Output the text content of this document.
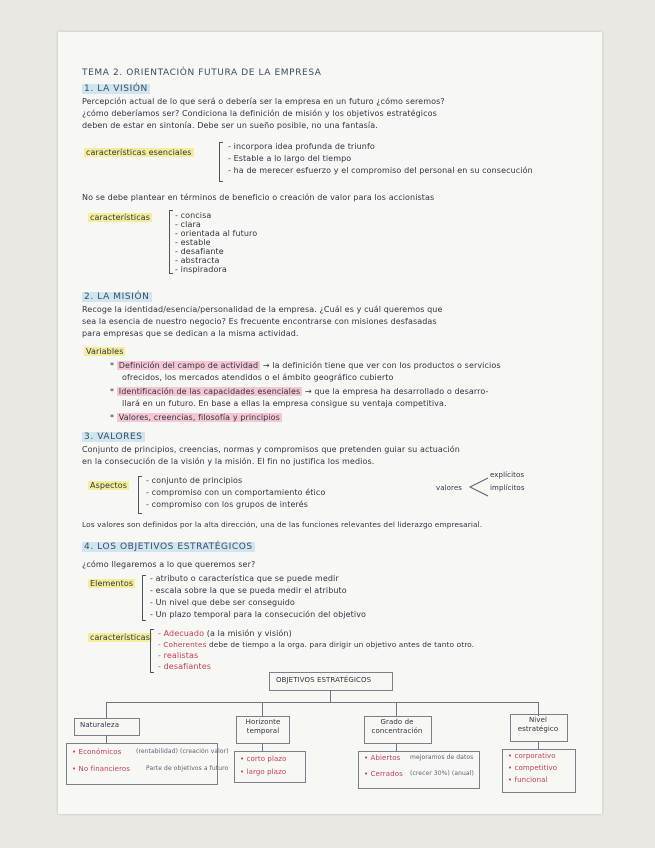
TEMA 2. ORIENTACIÓN FUTURA DE LA EMPRESA
1. LA VISIÓN
Percepción actual de lo que será o debería ser la empresa en un futuro ¿cómo seremos?
¿cómo deberíamos ser? Condiciona la definición de misión y los objetivos estratégicos
deben de estar en sintonía. Debe ser un sueño posible, no una fantasía.
características esenciales
- incorpora idea profunda de triunfo
- Estable a lo largo del tiempo
- ha de merecer esfuerzo y el compromiso del personal en su consecución
No se debe plantear en términos de beneficio o creación de valor para los accionistas
características	- concisa
- clara
- orientada al futuro
- estable
- desafiante
- abstracta
- inspiradora
2. LA MISIÓN
Recoge la identidad/esencia/personalidad de la empresa. ¿Cuál es y cuál queremos que
sea la esencia de nuestro negocio? Es frecuente encontrarse con misiones desfasadas
para empresas que se dedican a la misma actividad.
Variables
* Definición del campo de actividad → la definición tiene que ver con los productos o servicios
ofrecidos, los mercados atendidos o el ámbito geográfico cubierto
* Identificación de las capacidades esenciales → que la empresa ha desarrollado o desarro-
llará en un futuro. En base a ellas la empresa consigue su ventaja competitiva.
* Valores, creencias, filosofía y principios
3. VALORES
Conjunto de principios, creencias, normas y compromisos que pretenden guiar su actuación
en la consecución de la visión y la misión. El fin no justifica los medios.
Aspectos
- conjunto de principios
- compromiso con un comportamiento ético
- compromiso con los grupos de interés
valores
explícitos
implícitos
Los valores son definidos por la alta dirección, una de las funciones relevantes del liderazgo empresarial.
4. LOS OBJETIVOS ESTRATÉGICOS
¿cómo llegaremos a lo que queremos ser?
Elementos
- atributo o característica que se puede medir
- escala sobre la que se pueda medir el atributo
- Un nivel que debe ser conseguido
- Un plazo temporal para la consecución del objetivo
características - Adecuado (a la misión y visión)
- Coherentes debe de tiempo a la orga. para dirigir un objetivo antes de tanto otro.
- realistas
- desafiantes
OBJETIVOS ESTRATÉGICOS
Naturaleza
• Económicos (rentabilidad) (creación valor)
• No financieros	Parte de objetivos a futuro
Horizonte temporal
• corto plazo
• largo plazo
Grado de concentración
• Abiertos mejoramos de datos
• Cerrados (crecer 30%) (anual)
Nivel estratégico
• corporativo
• competitivo
• funcional
